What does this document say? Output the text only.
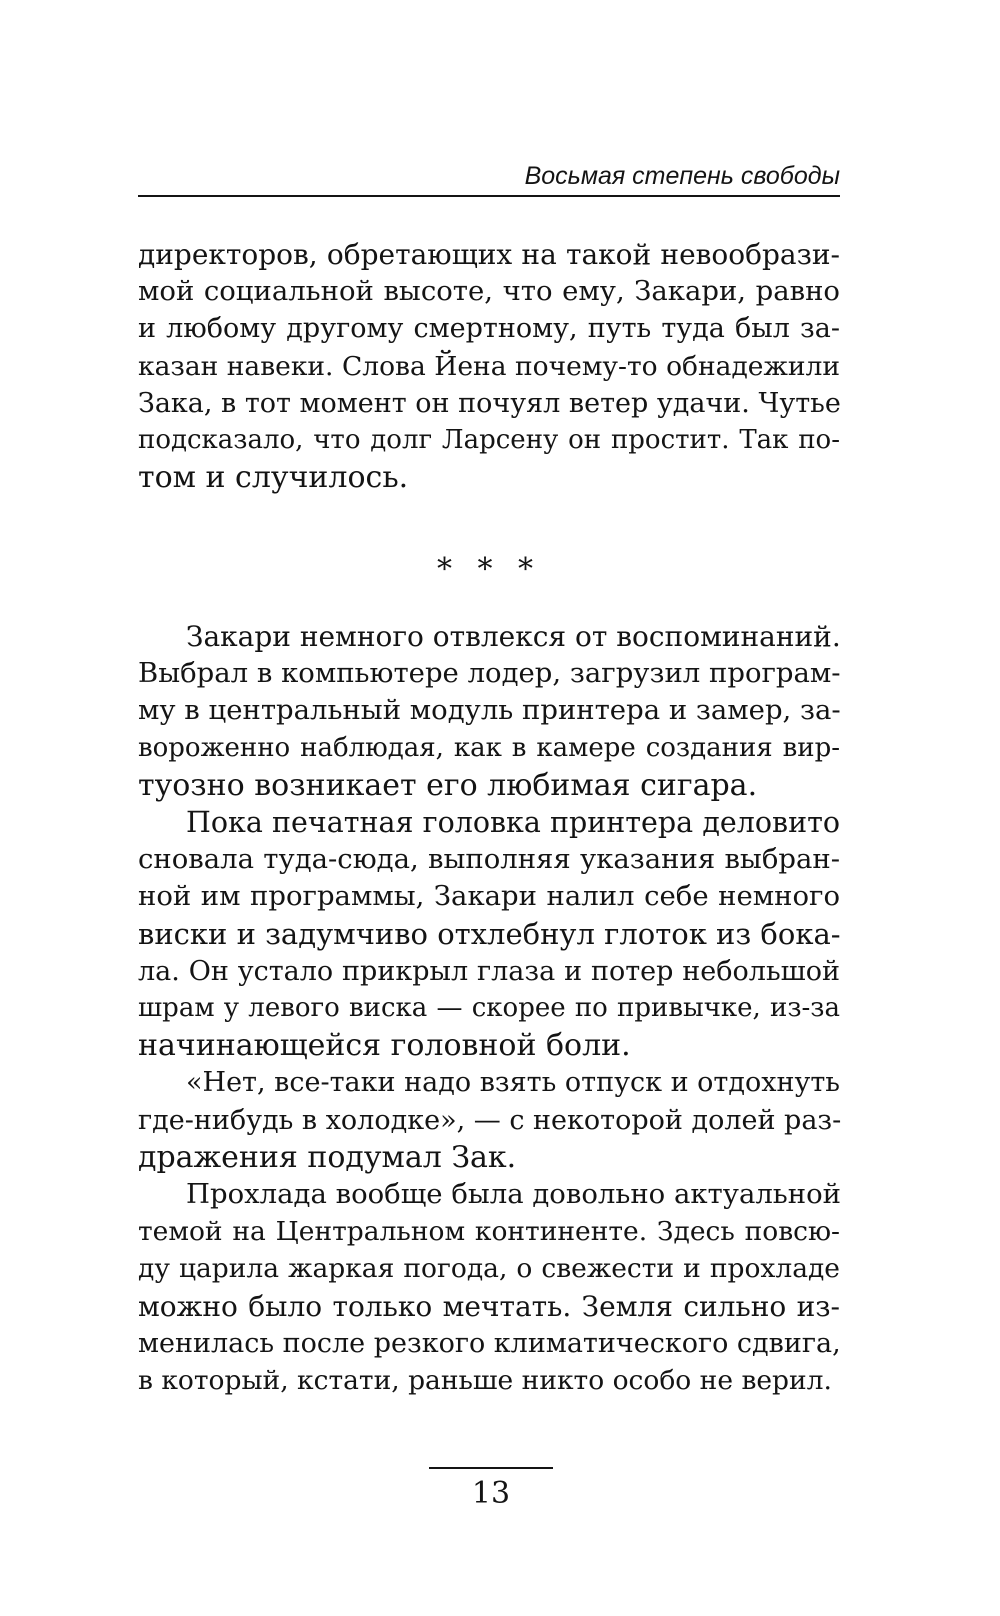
Восьмая степень свободы
директоров, обретающих на такой невообрази-
мой социальной высоте, что ему, Закари, равно
и любому другому смертному, путь туда был за-
казан навеки. Слова Йена почему-то обнадежили
Зака, в тот момент он почуял ветер удачи. Чутье
подсказало, что долг Ларсену он простит. Так по-
том и случилось.
* * *
Закари немного отвлекся от воспоминаний.
Выбрал в компьютере лодер, загрузил програм-
му в центральный модуль принтера и замер, за-
вороженно наблюдая, как в камере создания вир-
туозно возникает его любимая сигара.
Пока печатная головка принтера деловито
сновала туда-сюда, выполняя указания выбран-
ной им программы, Закари налил себе немного
виски и задумчиво отхлебнул глоток из бока-
ла. Он устало прикрыл глаза и потер небольшой
шрам у левого виска — скорее по привычке, из-за
начинающейся головной боли.
«Нет, все-таки надо взять отпуск и отдохнуть
где-нибудь в холодке», — с некоторой долей раз-
дражения подумал Зак.
Прохлада вообще была довольно актуальной
темой на Центральном континенте. Здесь повсю-
ду царила жаркая погода, о свежести и прохладе
можно было только мечтать. Земля сильно из-
менилась после резкого климатического сдвига,
в который, кстати, раньше никто особо не верил.
13
